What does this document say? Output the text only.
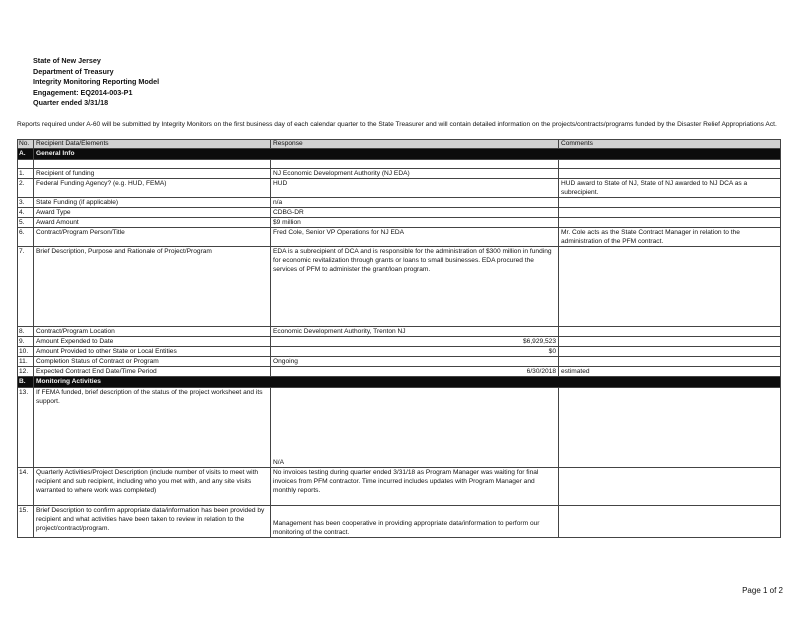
State of New Jersey
Department of Treasury
Integrity Monitoring Reporting Model
Engagement: EQ2014-003-P1
Quarter ended 3/31/18
Reports required under A-60 will be submitted by Integrity Monitors on the first business day of each calendar quarter to the State Treasurer and will contain detailed information on the projects/contracts/programs funded by the Disaster Relief Appropriations Act.
No.	Recipient Data/Elements	Response	Comments
A.	General Info		

1.	Recipient of funding	NJ Economic Development Authority (NJ EDA)	
2.	Federal Funding Agency? (e.g. HUD, FEMA)	HUD	HUD award to State of NJ, State of NJ awarded to NJ DCA as a subrecipient.
3.	State Funding (if applicable)	n/a	
4.	Award Type	CDBG-DR	
5.	Award Amount	$9 million	
6.	Contract/Program Person/Title	Fred Cole, Senior VP Operations for NJ EDA	Mr. Cole acts as the State Contract Manager in relation to the administration of the PFM contract.
7.	Brief Description, Purpose and Rationale of Project/Program	EDA is a subrecipient of DCA and is responsible for the administration of $300 million in funding for economic revitalization through grants or loans to small businesses. EDA procured the services of PFM to administer the grant/loan program.	
8.	Contract/Program Location	Economic Development Authority, Trenton NJ	
9.	Amount Expended to Date	$6,929,523	
10.	Amount Provided to other State or Local Entities	$0	
11.	Completion Status of Contract or Program	Ongoing	
12.	Expected Contract End Date/Time Period	6/30/2018	estimated
B.	Monitoring Activities		
13.	If FEMA funded, brief description of the status of the project worksheet and its support.	N/A	
14.	Quarterly Activities/Project Description (include number of visits to meet with recipient and sub recipient, including who you met with, and any site visits warranted to where work was completed)	No invoices testing during quarter ended 3/31/18 as Program Manager was waiting for final invoices from PFM contractor. Time incurred includes updates with Program Manager and monthly reports.	
15.	Brief Description to confirm appropriate data/information has been provided by recipient and what activities have been taken to review in relation to the project/contract/program.	Management has been cooperative in providing appropriate data/information to perform our monitoring of the contract.	
Page 1 of 2
